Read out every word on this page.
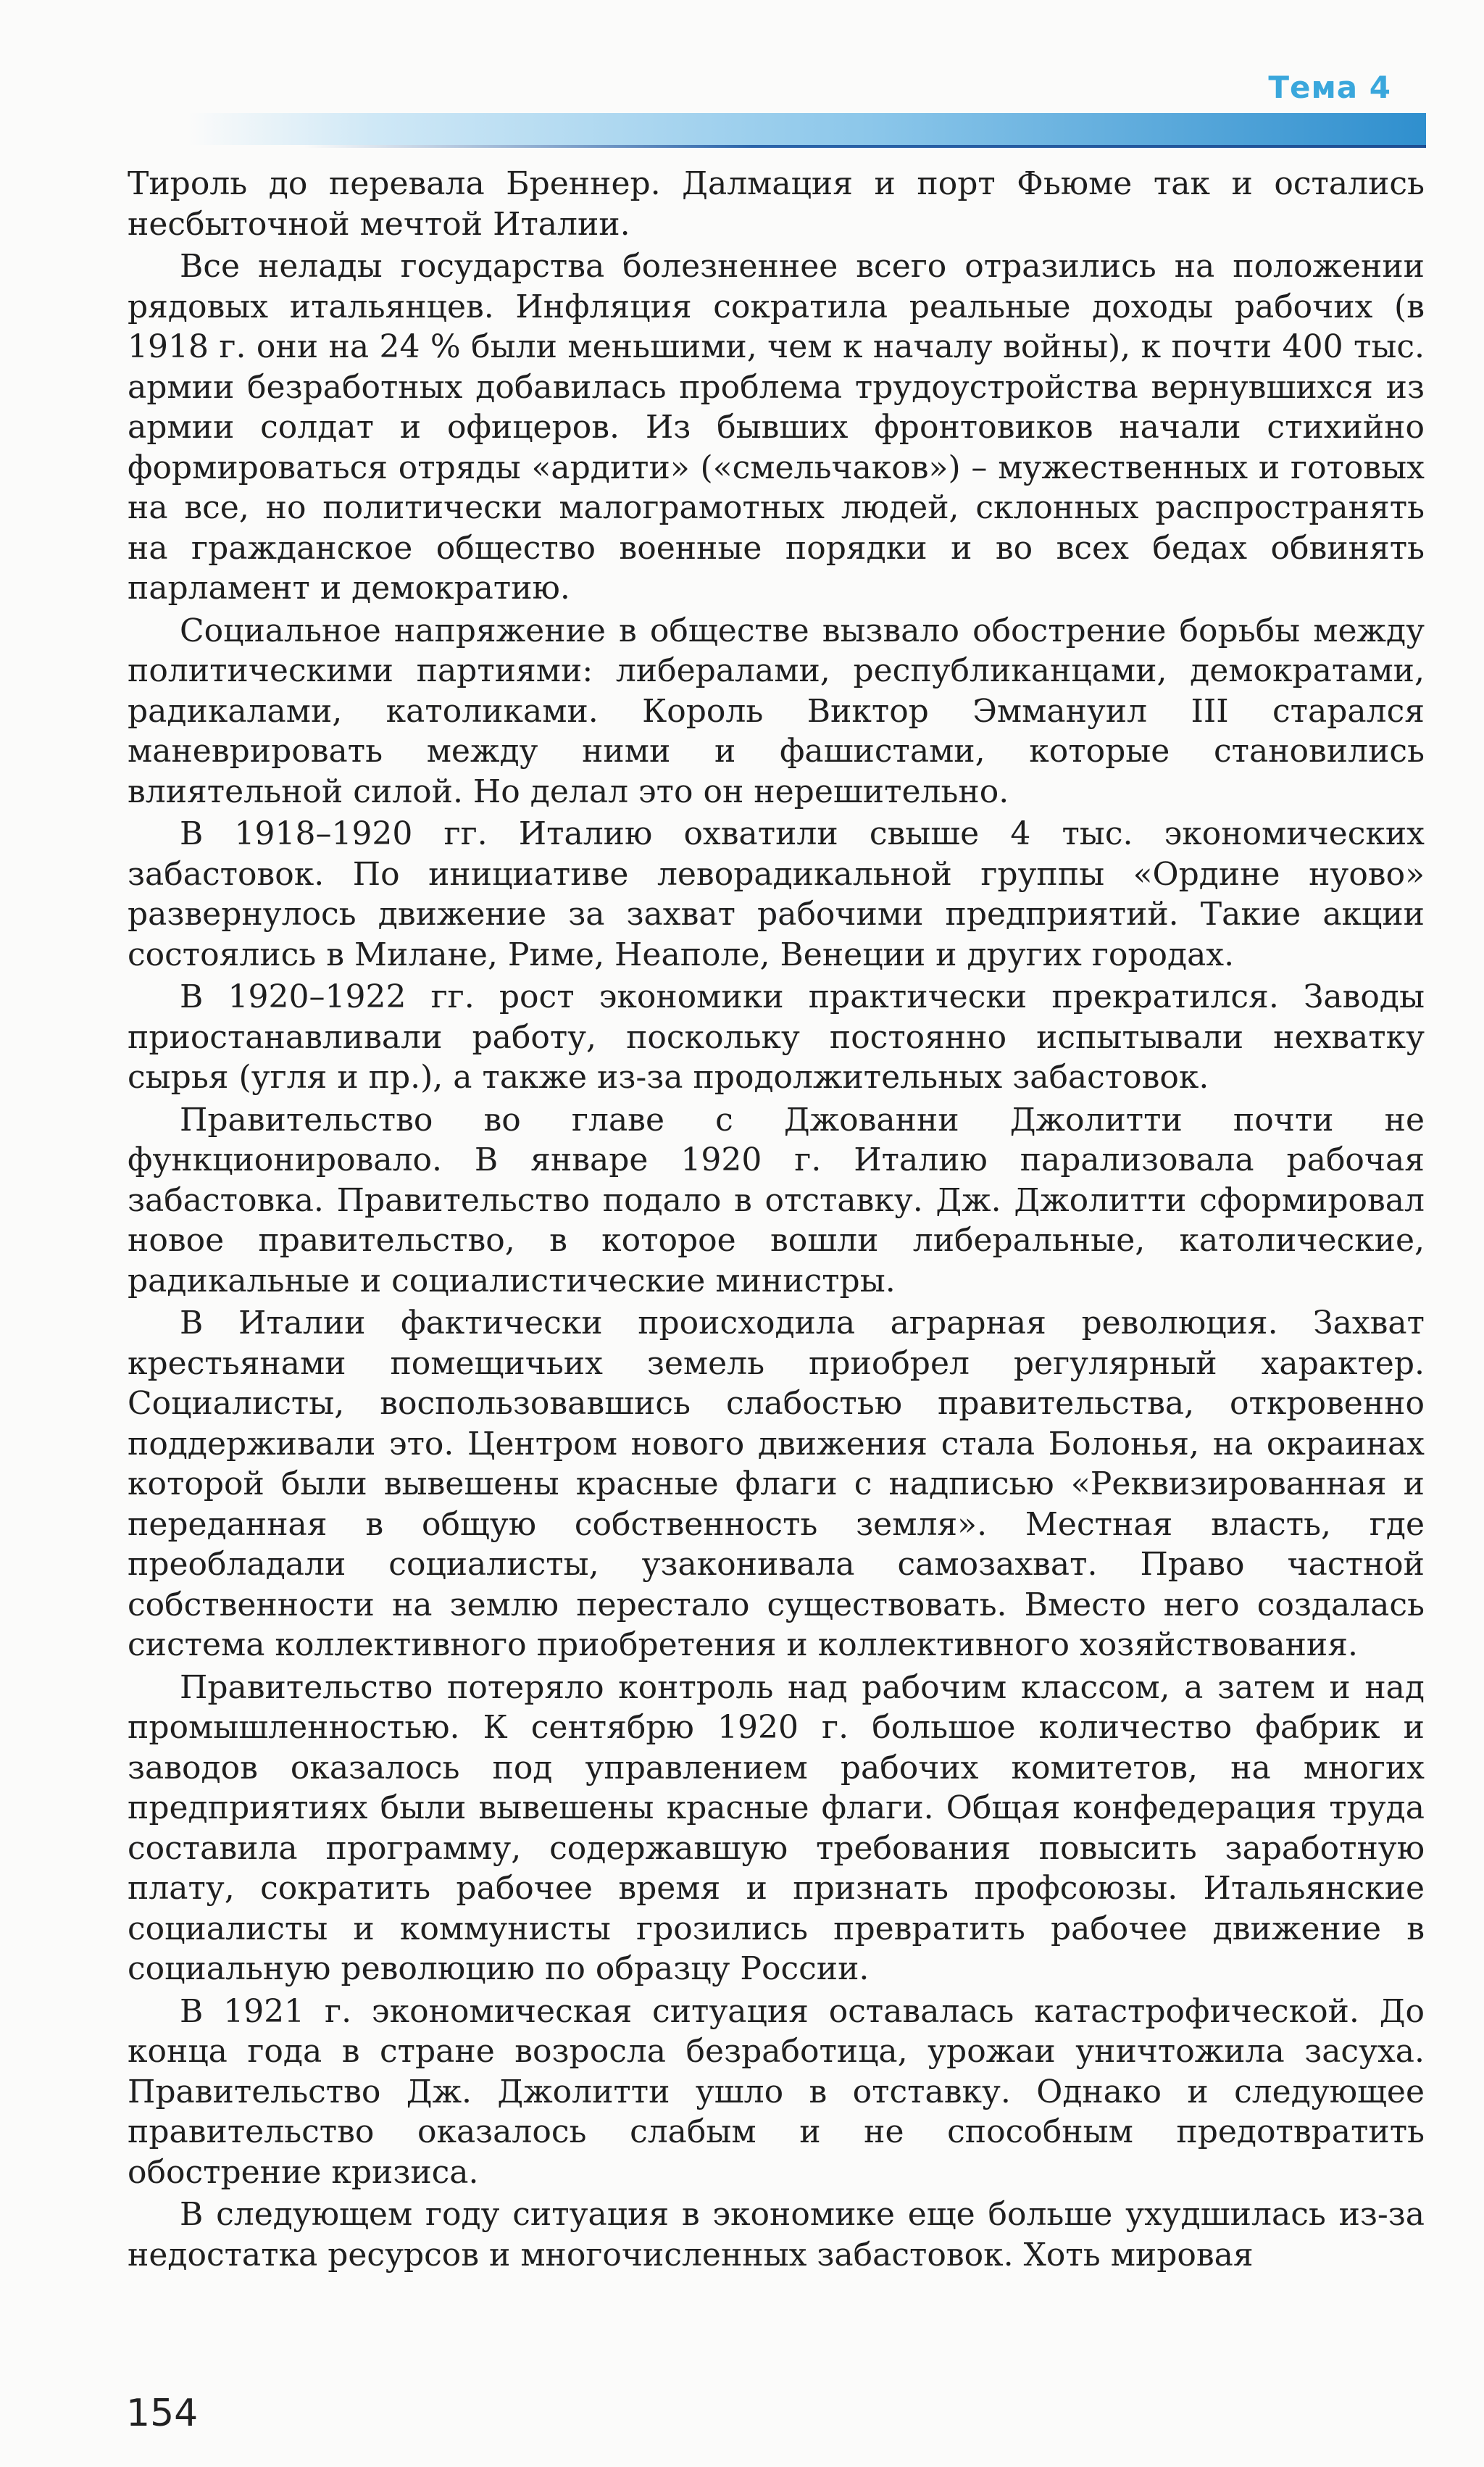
Тема 4

Тироль до перевала Бреннер. Далмация и порт Фьюме так и остались несбыточной мечтой Италии.

Все нелады государства болезненнее всего отразились на положении рядовых итальянцев. Инфляция сократила реальные доходы рабочих (в 1918 г. они на 24 % были меньшими, чем к началу войны), к почти 400 тыс. армии безработных добавилась проблема трудоустройства вернувшихся из армии солдат и офицеров. Из бывших фронтовиков начали стихийно формироваться отряды «ардити» («смельчаков») – мужественных и готовых на все, но политически малограмотных людей, склонных распространять на гражданское общество военные порядки и во всех бедах обвинять парламент и демократию.

Социальное напряжение в обществе вызвало обострение борьбы между политическими партиями: либералами, республиканцами, демократами, радикалами, католиками. Король Виктор Эммануил III старался маневрировать между ними и фашистами, которые становились влиятельной силой. Но делал это он нерешительно.

В 1918–1920 гг. Италию охватили свыше 4 тыс. экономических забастовок. По инициативе леворадикальной группы «Ордине нуово» развернулось движение за захват рабочими предприятий. Такие акции состоялись в Милане, Риме, Неаполе, Венеции и других городах.

В 1920–1922 гг. рост экономики практически прекратился. Заводы приостанавливали работу, поскольку постоянно испытывали нехватку сырья (угля и пр.), а также из-за продолжительных забастовок.

Правительство во главе с Джованни Джолитти почти не функционировало. В январе 1920 г. Италию парализовала рабочая забастовка. Правительство подало в отставку. Дж. Джолитти сформировал новое правительство, в которое вошли либеральные, католические, радикальные и социалистические министры.

В Италии фактически происходила аграрная революция. Захват крестьянами помещичьих земель приобрел регулярный характер. Социалисты, воспользовавшись слабостью правительства, откровенно поддерживали это. Центром нового движения стала Болонья, на окраинах которой были вывешены красные флаги с надписью «Реквизированная и переданная в общую собственность земля». Местная власть, где преобладали социалисты, узаконивала самозахват. Право частной собственности на землю перестало существовать. Вместо него создалась система коллективного приобретения и коллективного хозяйствования.

Правительство потеряло контроль над рабочим классом, а затем и над промышленностью. К сентябрю 1920 г. большое количество фабрик и заводов оказалось под управлением рабочих комитетов, на многих предприятиях были вывешены красные флаги. Общая конфедерация труда составила программу, содержавшую требования повысить заработную плату, сократить рабочее время и признать профсоюзы. Итальянские социалисты и коммунисты грозились превратить рабочее движение в социальную революцию по образцу России.

В 1921 г. экономическая ситуация оставалась катастрофической. До конца года в стране возросла безработица, урожаи уничтожила засуха. Правительство Дж. Джолитти ушло в отставку. Однако и следующее правительство оказалось слабым и не способным предотвратить обострение кризиса.

В следующем году ситуация в экономике еще больше ухудшилась из-за недостатка ресурсов и многочисленных забастовок. Хоть мировая

154
